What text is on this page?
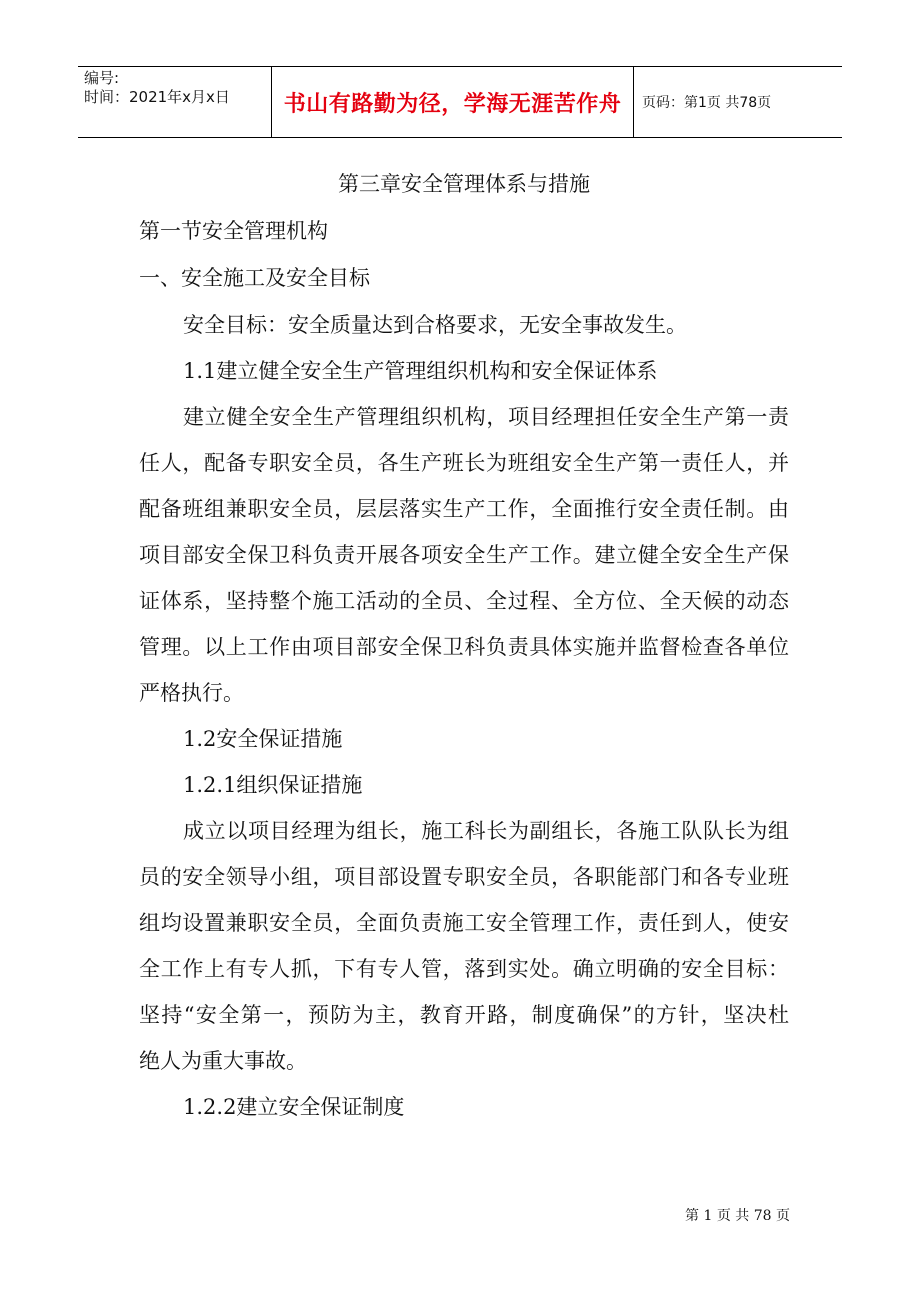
编号:
时间：2021年x月x日	书山有路勤为径，学海无涯苦作舟	页码：第1页 共78页
第三章安全管理体系与措施
第一节安全管理机构
一、安全施工及安全目标
安全目标：安全质量达到合格要求，无安全事故发生。
1.1建立健全安全生产管理组织机构和安全保证体系
建立健全安全生产管理组织机构，项目经理担任安全生产第一责
任人，配备专职安全员，各生产班长为班组安全生产第一责任人，并
配备班组兼职安全员，层层落实生产工作，全面推行安全责任制。由
项目部安全保卫科负责开展各项安全生产工作。建立健全安全生产保
证体系，坚持整个施工活动的全员、全过程、全方位、全天候的动态
管理。以上工作由项目部安全保卫科负责具体实施并监督检查各单位
严格执行。
1.2安全保证措施
1.2.1组织保证措施
成立以项目经理为组长，施工科长为副组长，各施工队队长为组
员的安全领导小组，项目部设置专职安全员，各职能部门和各专业班
组均设置兼职安全员，全面负责施工安全管理工作，责任到人，使安
全工作上有专人抓，下有专人管，落到实处。确立明确的安全目标：
坚持“安全第一，预防为主，教育开路，制度确保”的方针，坚决杜
绝人为重大事故。
1.2.2建立安全保证制度
第 1 页 共 78 页
